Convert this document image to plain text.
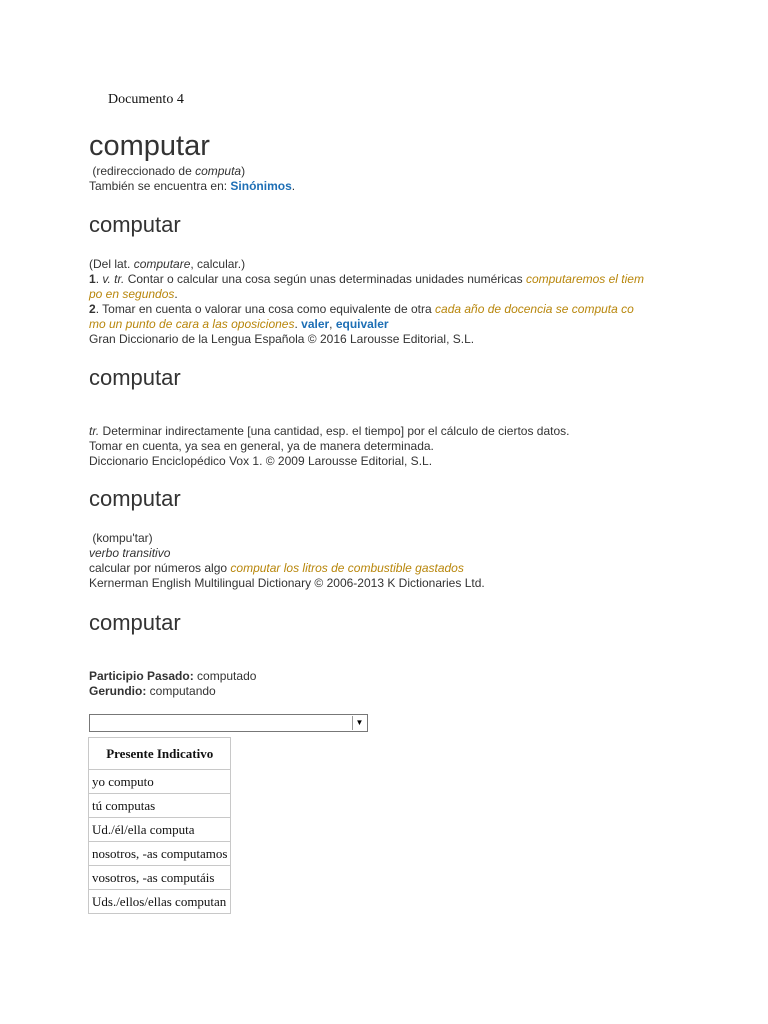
Documento 4
computar
(redireccionado de computa)
También se encuentra en: Sinónimos.
computar
(Del lat. computare, calcular.)
1. v. tr. Contar o calcular una cosa según unas determinadas unidades numéricas computaremos el tiem
po en segundos.
2. Tomar en cuenta o valorar una cosa como equivalente de otra cada año de docencia se computa co
mo un punto de cara a las oposiciones. valer, equivaler
Gran Diccionario de la Lengua Española © 2016 Larousse Editorial, S.L.
computar
tr. Determinar indirectamente [una cantidad, esp. el tiempo] por el cálculo de ciertos datos.
Tomar en cuenta, ya sea en general, ya de manera determinada.
Diccionario Enciclopédico Vox 1. © 2009 Larousse Editorial, S.L.
computar
(kompu'tar)
verbo transitivo
calcular por números algo computar los litros de combustible gastados
Kernerman English Multilingual Dictionary © 2006-2013 K Dictionaries Ltd.
computar
Participio Pasado: computado
Gerundio: computando
▼
Presente Indicativo
yo computo
tú computas
Ud./él/ella computa
nosotros, -as computamos
vosotros, -as computáis
Uds./ellos/ellas computan
